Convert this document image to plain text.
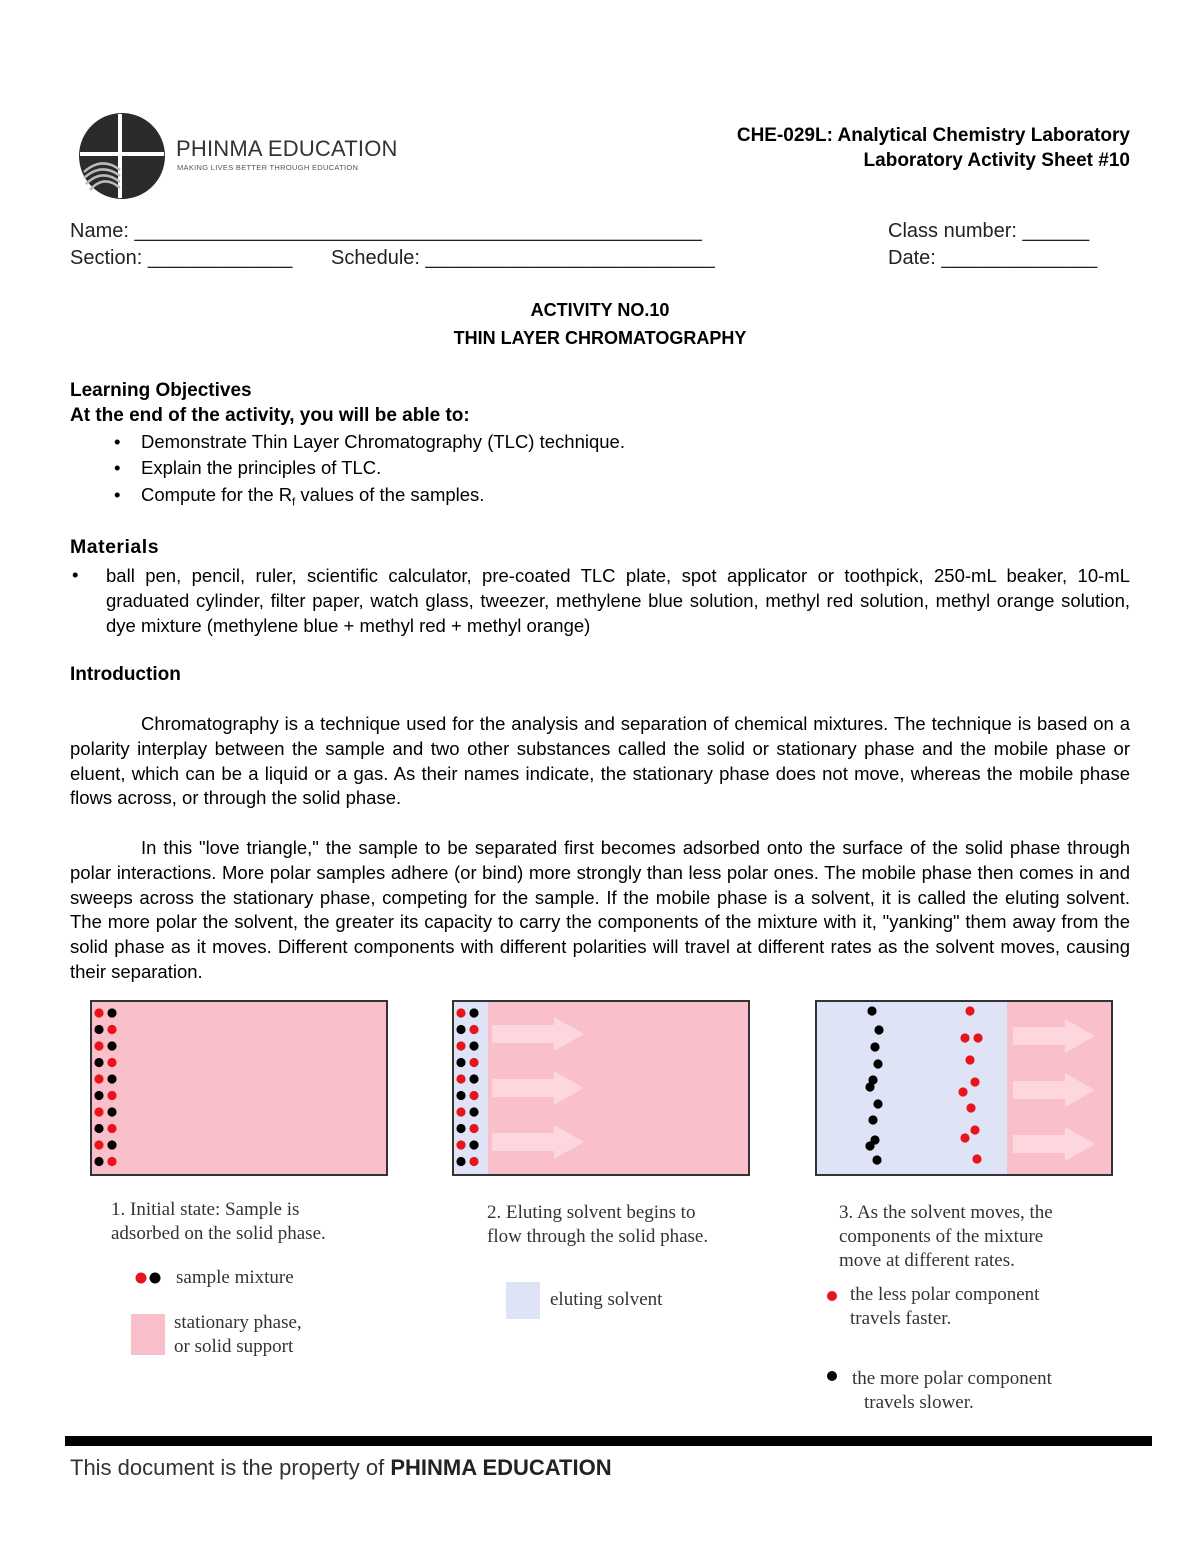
PHINMA EDUCATION
MAKING LIVES BETTER THROUGH EDUCATION
CHE-029L: Analytical Chemistry Laboratory
Laboratory Activity Sheet #10
Name: ___________________________________________________	Class number: ______
Section: _____________ Schedule: __________________________	Date: ______________
ACTIVITY NO.10
THIN LAYER CHROMATOGRAPHY
Learning Objectives
At the end of the activity, you will be able to:
• Demonstrate Thin Layer Chromatography (TLC) technique.
• Explain the principles of TLC.
• Compute for the $R_f$ values of the samples.
Materials
• ball pen, pencil, ruler, scientific calculator, pre-coated TLC plate, spot applicator or toothpick, 250-mL beaker, 10-mL graduated cylinder, filter paper, watch glass, tweezer, methylene blue solution, methyl red solution, methyl orange solution, dye mixture (methylene blue + methyl red + methyl orange)
Introduction

Chromatography is a technique used for the analysis and separation of chemical mixtures. The technique is based on a polarity interplay between the sample and two other substances called the solid or stationary phase and the mobile phase or eluent, which can be a liquid or a gas. As their names indicate, the stationary phase does not move, whereas the mobile phase flows across, or through the solid phase.

In this "love triangle," the sample to be separated first becomes adsorbed onto the surface of the solid phase through polar interactions. More polar samples adhere (or bind) more strongly than less polar ones. The mobile phase then comes in and sweeps across the stationary phase, competing for the sample. If the mobile phase is a solvent, it is called the eluting solvent. The more polar the solvent, the greater its capacity to carry the components of the mixture with it, "yanking" them away from the solid phase as it moves. Different components with different polarities will travel at different rates as the solvent moves, causing their separation.

1. Initial state: Sample is
adsorbed on the solid phase.
2. Eluting solvent begins to
flow through the solid phase.
3. As the solvent moves, the
components of the mixture
move at different rates.
sample mixture
stationary phase,
or solid support
eluting solvent	the less polar component
travels faster.
the more polar component
travels slower.
This document is the property of PHINMA EDUCATION
